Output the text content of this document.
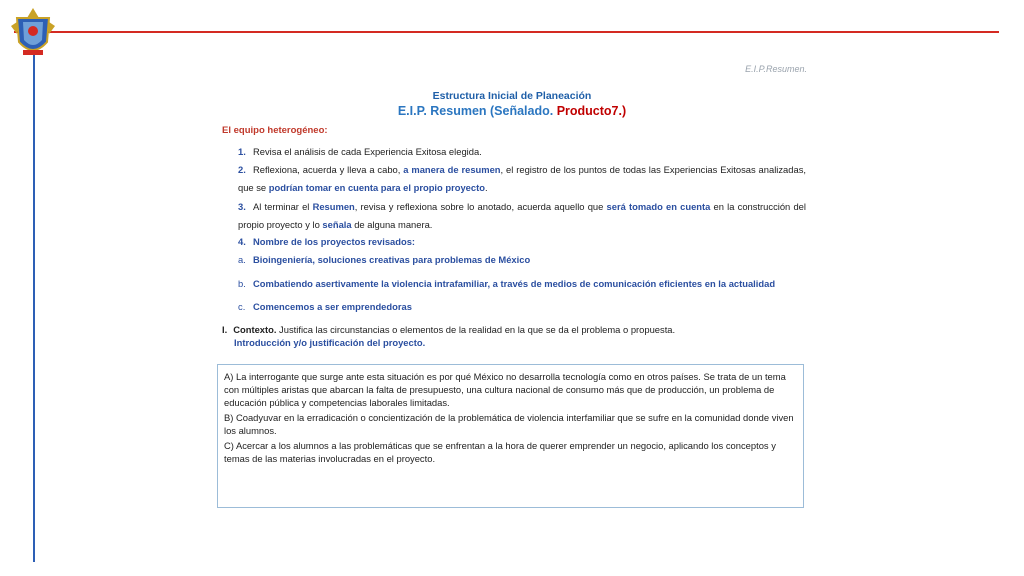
E.I.P.Resumen.
Estructura Inicial de Planeación
E.I.P. Resumen (Señalado. Producto7.)
El equipo heterogéneo:
1. Revisa el análisis de cada Experiencia Exitosa elegida.
2. Reflexiona, acuerda y lleva a cabo, a manera de resumen, el registro de los puntos de todas las Experiencias Exitosas analizadas, que se podrían tomar en cuenta para el propio proyecto.
3. Al terminar el Resumen, revisa y reflexiona sobre lo anotado, acuerda aquello que será tomado en cuenta en la construcción del propio proyecto y lo señala de alguna manera.
4. Nombre de los proyectos revisados:
a. Bioingeniería, soluciones creativas para problemas de México
b. Combatiendo asertivamente la violencia intrafamiliar, a través de medios de comunicación eficientes en la actualidad
c. Comencemos a ser emprendedoras
I. Contexto. Justifica las circunstancias o elementos de la realidad en la que se da el problema o propuesta.
Introducción y/o justificación del proyecto.

A) La interrogante que surge ante esta situación es por qué México no desarrolla tecnología como en otros países. Se trata de un tema con múltiples aristas que abarcan la falta de presupuesto, una cultura nacional de consumo más que de producción, un problema de educación pública y competencias laborales limitadas.

B) Coadyuvar en la erradicación o concientización de la problemática de violencia interfamiliar que se sufre en la comunidad donde viven los alumnos.

C) Acercar a los alumnos a las problemáticas que se enfrentan a la hora de querer emprender un negocio, aplicando los conceptos y temas de las materias involucradas en el proyecto.
